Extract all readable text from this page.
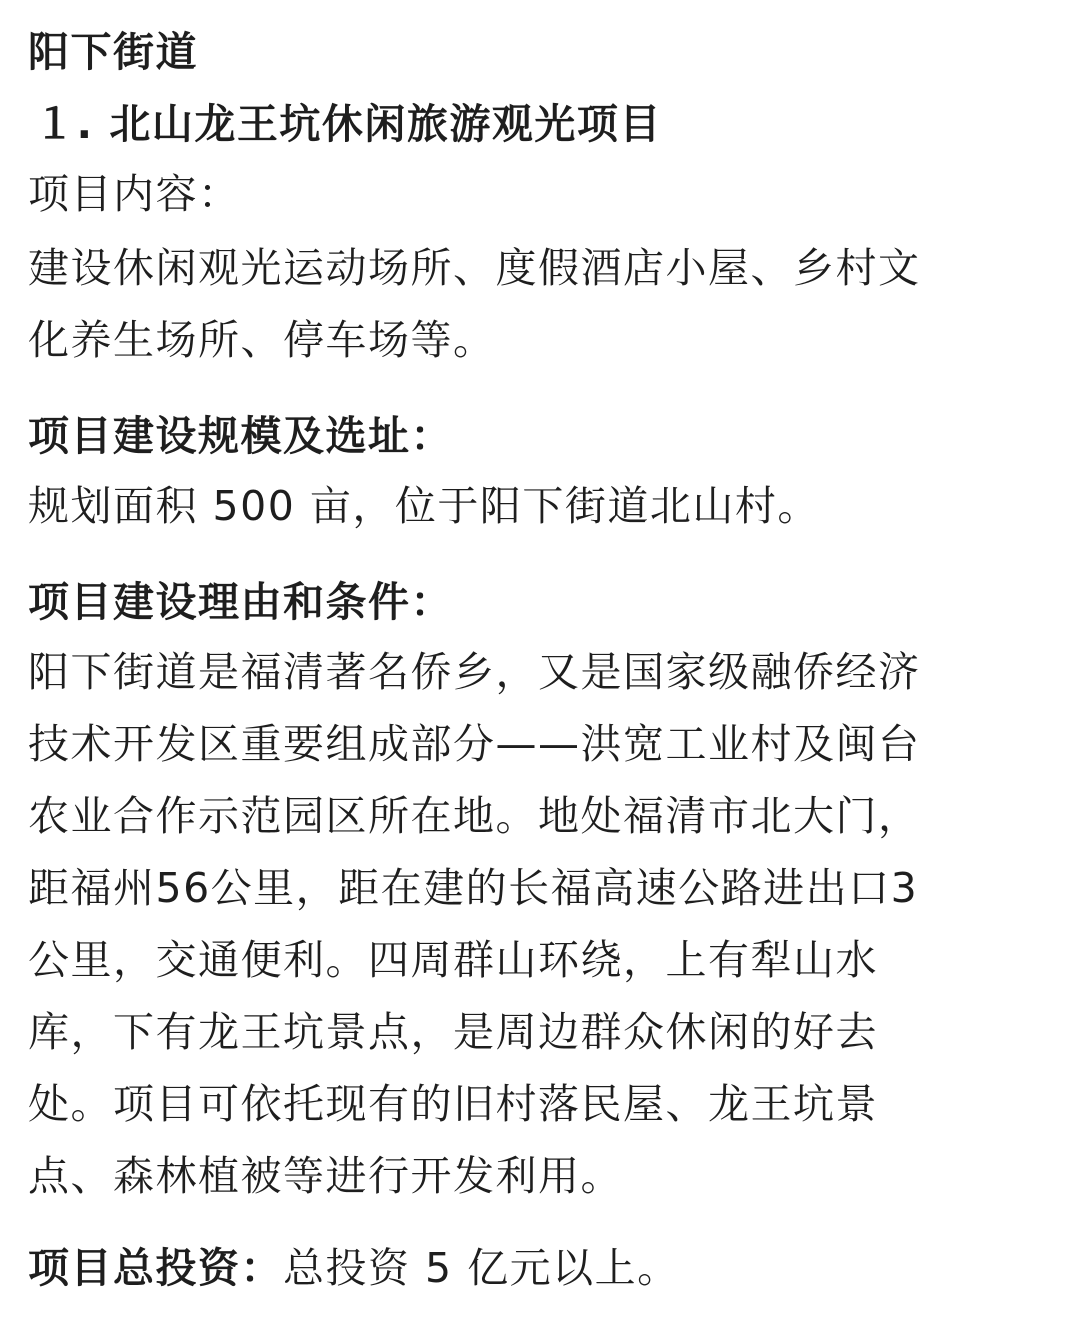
阳下街道
１. 北山龙王坑休闲旅游观光项目
项目内容：
建设休闲观光运动场所、度假酒店小屋、乡村文
化养生场所、停车场等。
项目建设规模及选址：
规划面积 500 亩，位于阳下街道北山村。
项目建设理由和条件：
阳下街道是福清著名侨乡，又是国家级融侨经济
技术开发区重要组成部分——洪宽工业村及闽台
农业合作示范园区所在地。地处福清市北大门，
距福州56公里，距在建的长福高速公路进出口3
公里，交通便利。四周群山环绕，上有犁山水
库，下有龙王坑景点，是周边群众休闲的好去
处。项目可依托现有的旧村落民屋、龙王坑景
点、森林植被等进行开发利用。
项目总投资：总投资 5 亿元以上。
